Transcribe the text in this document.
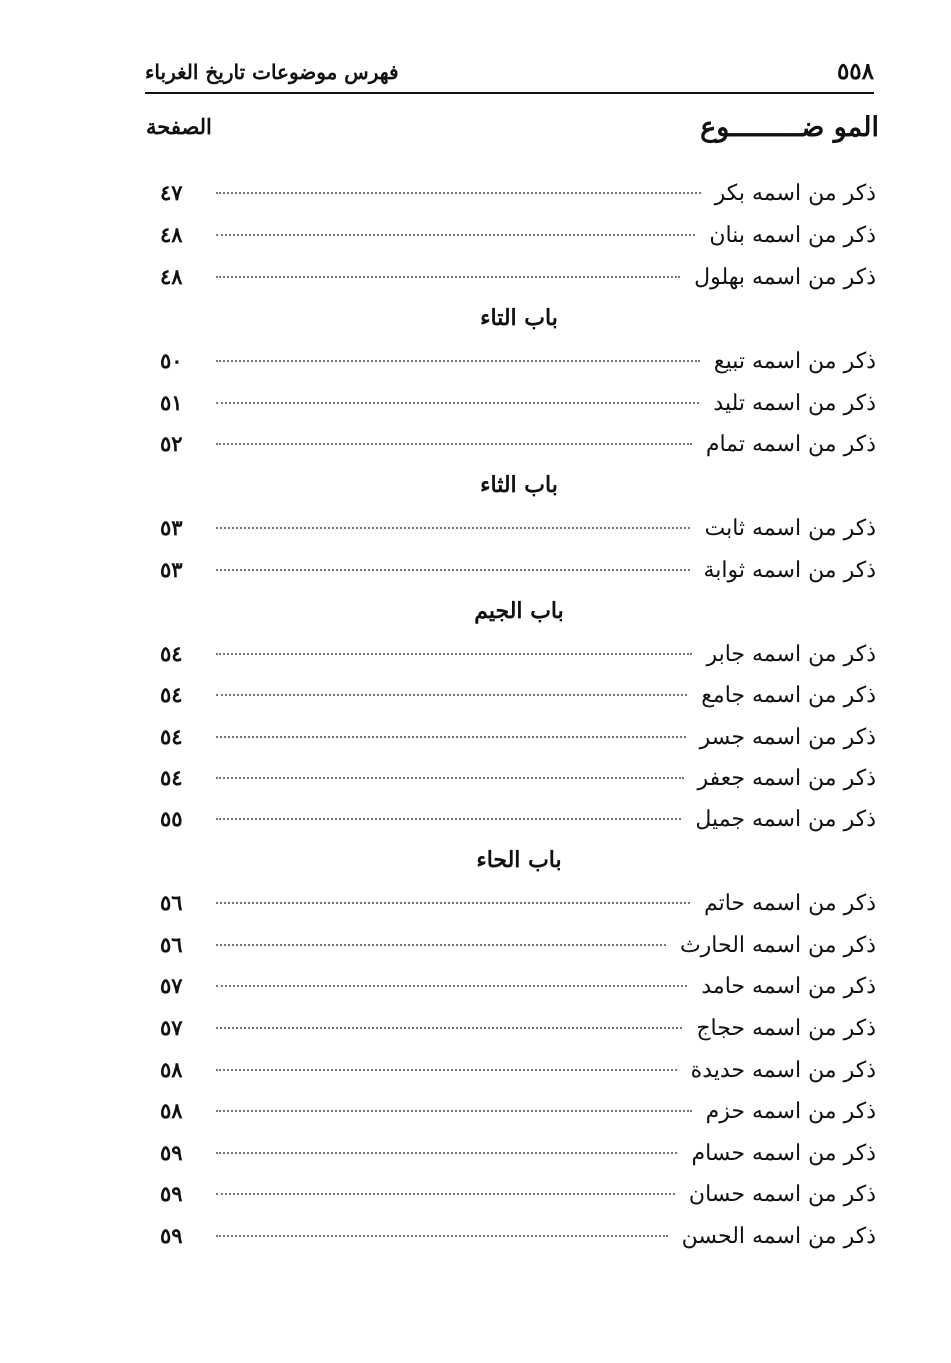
فهرس موضوعات تاريخ الغرباء	٥٥٨
المو ضـــــــــوع
الصفحة
ذكر من اسمه بكر
٤٧
ذكر من اسمه بنان
٤٨
ذكر من اسمه بهلول
٤٨
باب التاء
ذكر من اسمه تبيع
٥٠
ذكر من اسمه تليد
٥١
ذكر من اسمه تمام
٥٢
باب الثاء
ذكر من اسمه ثابت
٥٣
ذكر من اسمه ثوابة
٥٣
باب الجيم
ذكر من اسمه جابر
٥٤
ذكر من اسمه جامع
٥٤
ذكر من اسمه جسر
٥٤
ذكر من اسمه جعفر
٥٤
ذكر من اسمه جميل
٥٥
باب الحاء
ذكر من اسمه حاتم
٥٦
ذكر من اسمه الحارث
٥٦
ذكر من اسمه حامد
٥٧
ذكر من اسمه حجاج
٥٧
ذكر من اسمه حديدة
٥٨
ذكر من اسمه حزم
٥٨
ذكر من اسمه حسام
٥٩
ذكر من اسمه حسان
٥٩
ذكر من اسمه الحسن
٥٩
